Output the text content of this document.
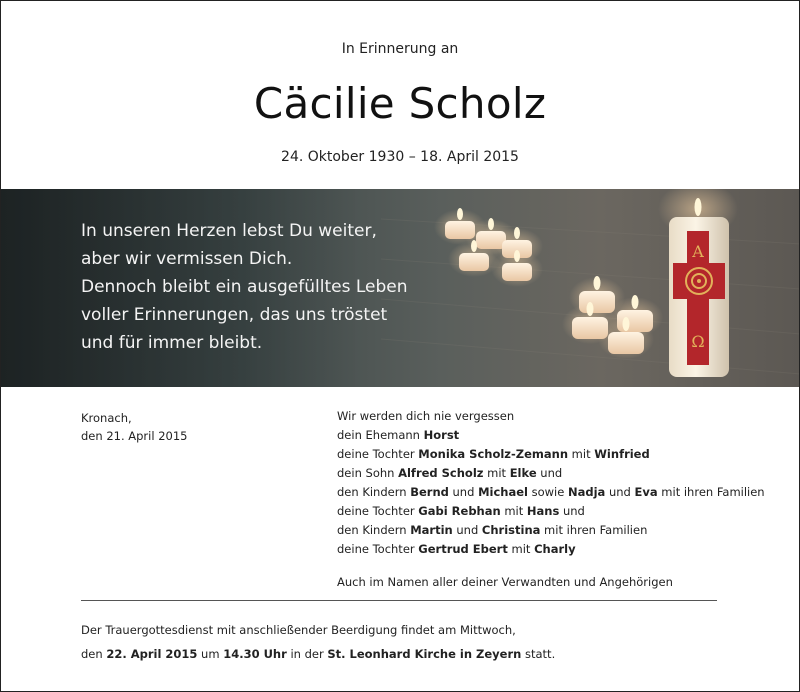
In Erinnerung an
Cäcilie Scholz
24. Oktober 1930 – 18. April 2015
A
Ω
In unseren Herzen lebst Du weiter,
aber wir vermissen Dich.
Dennoch bleibt ein ausgefülltes Leben
voller Erinnerungen, das uns tröstet
und für immer bleibt.
Kronach,
den 21. April 2015
Wir werden dich nie vergessen
dein Ehemann Horst
deine Tochter Monika Scholz-Zemann mit Winfried
dein Sohn Alfred Scholz mit Elke und
den Kindern Bernd und Michael sowie Nadja und Eva mit ihren Familien
deine Tochter Gabi Rebhan mit Hans und
den Kindern Martin und Christina mit ihren Familien
deine Tochter Gertrud Ebert mit Charly
Auch im Namen aller deiner Verwandten und Angehörigen
Der Trauergottesdienst mit anschließender Beerdigung findet am Mittwoch,
den 22. April 2015 um 14.30 Uhr in der St. Leonhard Kirche in Zeyern statt.
